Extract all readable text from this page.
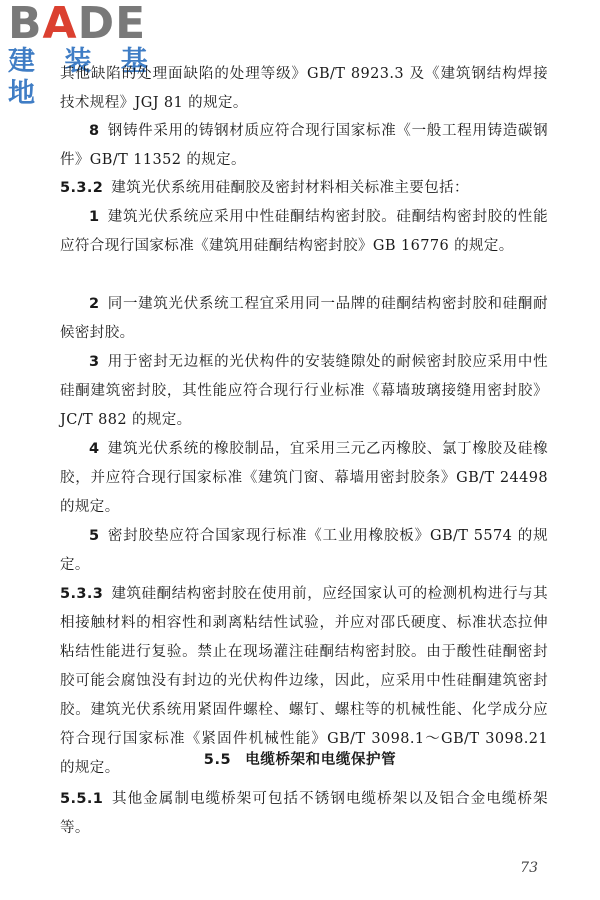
BADE
建 装 基 地
其他缺陷的处理面缺陷的处理等级》GB/T 8923.3 及《建筑钢结构焊接技术规程》JGJ 81 的规定。
8 钢铸件采用的铸钢材质应符合现行国家标准《一般工程用铸造碳钢件》GB/T 11352 的规定。
5.3.2 建筑光伏系统用硅酮胶及密封材料相关标准主要包括：
1 建筑光伏系统应采用中性硅酮结构密封胶。硅酮结构密封胶的性能应符合现行国家标准《建筑用硅酮结构密封胶》GB 16776 的规定。
2 同一建筑光伏系统工程宜采用同一品牌的硅酮结构密封胶和硅酮耐候密封胶。
3 用于密封无边框的光伏构件的安装缝隙处的耐候密封胶应采用中性硅酮建筑密封胶，其性能应符合现行行业标准《幕墙玻璃接缝用密封胶》JC/T 882 的规定。
4 建筑光伏系统的橡胶制品，宜采用三元乙丙橡胶、氯丁橡胶及硅橡胶，并应符合现行国家标准《建筑门窗、幕墙用密封胶条》GB/T 24498 的规定。
5 密封胶垫应符合国家现行标准《工业用橡胶板》GB/T 5574 的规定。
5.3.3 建筑硅酮结构密封胶在使用前，应经国家认可的检测机构进行与其相接触材料的相容性和剥离粘结性试验，并应对邵氏硬度、标准状态拉伸粘结性能进行复验。禁止在现场灌注硅酮结构密封胶。由于酸性硅酮密封胶可能会腐蚀没有封边的光伏构件边缘，因此，应采用中性硅酮建筑密封胶。建筑光伏系统用紧固件螺栓、螺钉、螺柱等的机械性能、化学成分应符合现行国家标准《紧固件机械性能》GB/T 3098.1～GB/T 3098.21 的规定。	5.5 电缆桥架和电缆保护管
5.5.1 其他金属制电缆桥架可包括不锈钢电缆桥架以及铝合金电缆桥架等。
73
